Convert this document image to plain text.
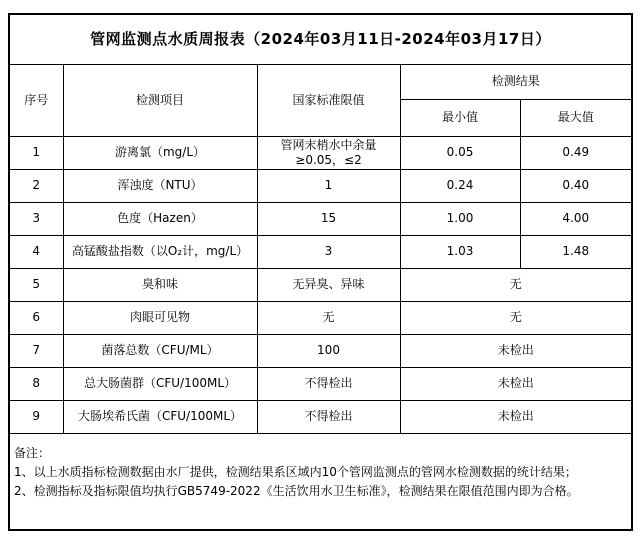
管网监测点水质周报表（2024年03月11日-2024年03月17日）				
序号	检测项目	国家标准限值	检测结果	
			最小值	最大值
1	游离氯（mg/L）	管网末梢水中余量≥0.05，≤2	0.05	0.49
2	浑浊度（NTU）	1	0.24	0.40
3	色度（Hazen）	15	1.00	4.00
4	高锰酸盐指数（以O₂计，mg/L）	3	1.03	1.48
5	臭和味	无异臭、异味	无	
6	肉眼可见物	无	无	
7	菌落总数（CFU/ML）	100	未检出	
8	总大肠菌群（CFU/100ML）	不得检出	未检出	
9	大肠埃希氏菌（CFU/100ML）	不得检出	未检出	

备注：
1、以上水质指标检测数据由水厂提供，检测结果系区域内10个管网监测点的管网水检测数据的统计结果；
2、检测指标及指标限值均执行GB5749-2022《生活饮用水卫生标准》，检测结果在限值范围内即为合格。				
